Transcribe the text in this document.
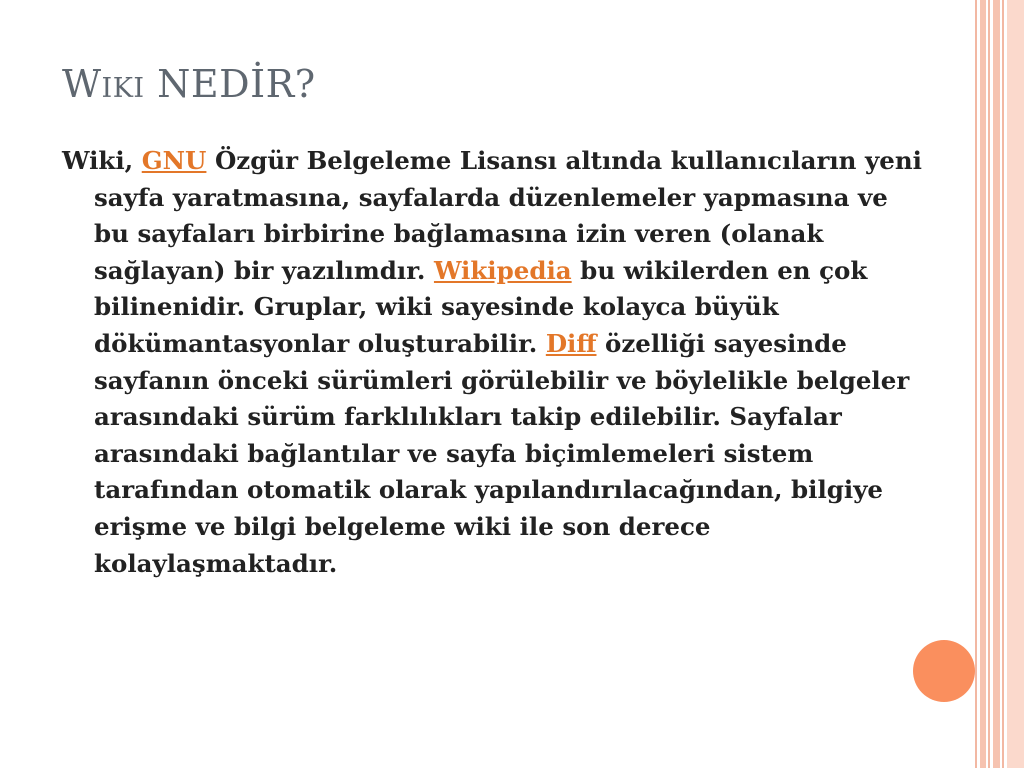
Wiki NEDİR?

Wiki, GNU Özgür Belgeleme Lisansı altında kullanıcıların yeni sayfa yaratmasına, sayfalarda düzenlemeler yapmasına ve bu sayfaları birbirine bağlamasına izin veren (olanak sağlayan) bir yazılımdır. Wikipedia bu wikilerden en çok bilinenidir. Gruplar, wiki sayesinde kolayca büyük dökümantasyonlar oluşturabilir. Diff özelliği sayesinde sayfanın önceki sürümleri görülebilir ve böylelikle belgeler arasındaki sürüm farklılıkları takip edilebilir. Sayfalar arasındaki bağlantılar ve sayfa biçimlemeleri sistem tarafından otomatik olarak yapılandırılacağından, bilgiye erişme ve bilgi belgeleme wiki ile son derece kolaylaşmaktadır.
